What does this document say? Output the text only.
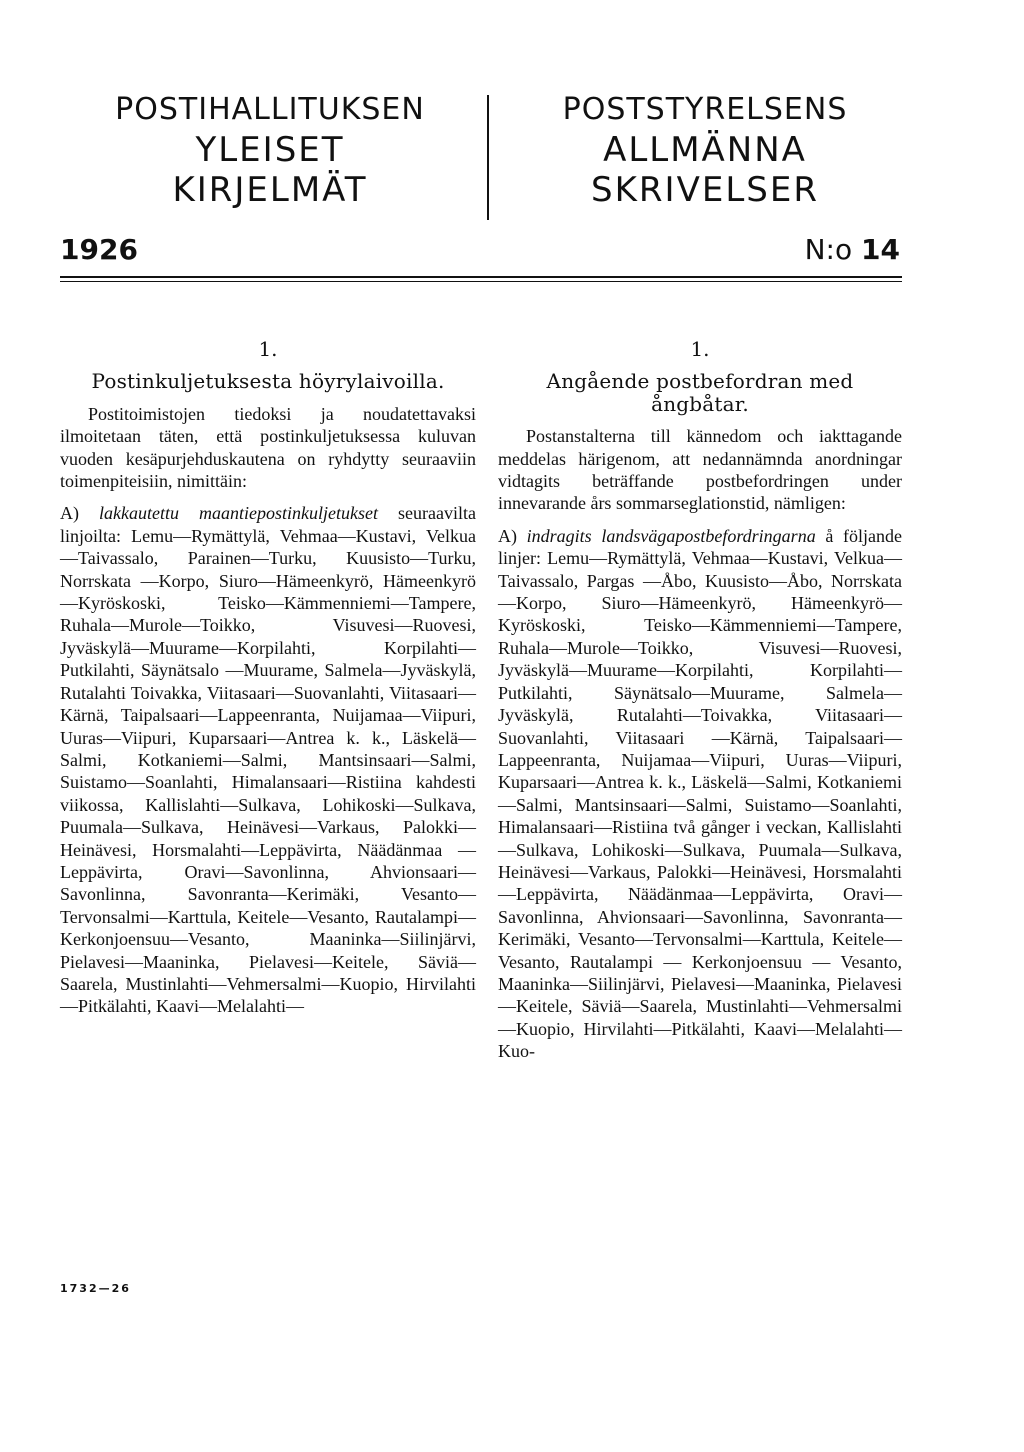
POSTIHALLITUKSEN
YLEISET
KIRJELMÄT
POSTSTYRELSENS
ALLMÄNNA
SKRIVELSER
1926	N:o 14
1.
Postinkuljetuksesta höyrylaivoilla.

Postitoimistojen tiedoksi ja noudatettavaksi ilmoitetaan täten, että postinkuljetuksessa kuluvan vuoden kesäpurjehduskautena on ryhdytty seuraaviin toimenpiteisiin, nimittäin:

A) lakkautettu maantiepostinkuljetukset seuraavilta linjoilta: Lemu—Rymättylä, Vehmaa—Kustavi, Velkua—Taivassalo, Parainen—Turku, Kuusisto—Turku, Norrskata —Korpo, Siuro—Hämeenkyrö, Hämeenkyrö—Kyröskoski, Teisko—Kämmenniemi—Tampere, Ruhala—Murole—Toikko, Visuvesi—Ruovesi, Jyväskylä—Muurame—Korpilahti, Korpilahti—Putkilahti, Säynätsalo —Muurame, Salmela—Jyväskylä, Rutalahti Toivakka, Viitasaari—Suovanlahti, Viitasaari—Kärnä, Taipalsaari—Lappeenranta, Nuijamaa—Viipuri, Uuras—Viipuri, Kuparsaari—Antrea k. k., Läskelä—Salmi, Kotkaniemi—Salmi, Mantsinsaari—Salmi, Suistamo—Soanlahti, Himalansaari—Ristiina kahdesti viikossa, Kallislahti—Sulkava, Lohikoski—Sulkava, Puumala—Sulkava, Heinävesi—Varkaus, Palokki—Heinävesi, Horsmalahti—Leppävirta, Näädänmaa —Leppävirta, Oravi—Savonlinna, Ahvionsaari—Savonlinna, Savonranta—Kerimäki, Vesanto—Tervonsalmi—Karttula, Keitele—Vesanto, Rautalampi—Kerkonjoensuu—Vesanto, Maaninka—Siilinjärvi, Pielavesi—Maaninka, Pielavesi—Keitele, Säviä—Saarela, Mustinlahti—Vehmersalmi—Kuopio, Hirvilahti—Pitkälahti, Kaavi—Melalahti—

1.
Angående postbefordran med ångbåtar.

Postanstalterna till kännedom och iakttagande meddelas härigenom, att nedannämnda anordningar vidtagits beträffande postbefordringen under innevarande års sommarseglationstid, nämligen:

A) indragits landsvägapostbefordringarna å följande linjer: Lemu—Rymättylä, Vehmaa—Kustavi, Velkua—Taivassalo, Pargas —Åbo, Kuusisto—Åbo, Norrskata—Korpo, Siuro—Hämeenkyrö, Hämeenkyrö—Kyröskoski, Teisko—Kämmenniemi—Tampere, Ruhala—Murole—Toikko, Visuvesi—Ruovesi, Jyväskylä—Muurame—Korpilahti, Korpilahti—Putkilahti, Säynätsalo—Muurame, Salmela—Jyväskylä, Rutalahti—Toivakka, Viitasaari—Suovanlahti, Viitasaari —Kärnä, Taipalsaari—Lappeenranta, Nuijamaa—Viipuri, Uuras—Viipuri, Kuparsaari—Antrea k. k., Läskelä—Salmi, Kotkaniemi—Salmi, Mantsinsaari—Salmi, Suistamo—Soanlahti, Himalansaari—Ristiina två gånger i veckan, Kallislahti—Sulkava, Lohikoski—Sulkava, Puumala—Sulkava, Heinävesi—Varkaus, Palokki—Heinävesi, Horsmalahti—Leppävirta, Näädänmaa—Leppävirta, Oravi—Savonlinna, Ahvionsaari—Savonlinna, Savonranta—Kerimäki, Vesanto—Tervonsalmi—Karttula, Keitele—Vesanto, Rautalampi — Kerkonjoensuu — Vesanto, Maaninka—Siilinjärvi, Pielavesi—Maaninka, Pielavesi—Keitele, Säviä—Saarela, Mustinlahti—Vehmersalmi—Kuopio, Hirvilahti—Pitkälahti, Kaavi—Melalahti—Kuo-

1732—26
